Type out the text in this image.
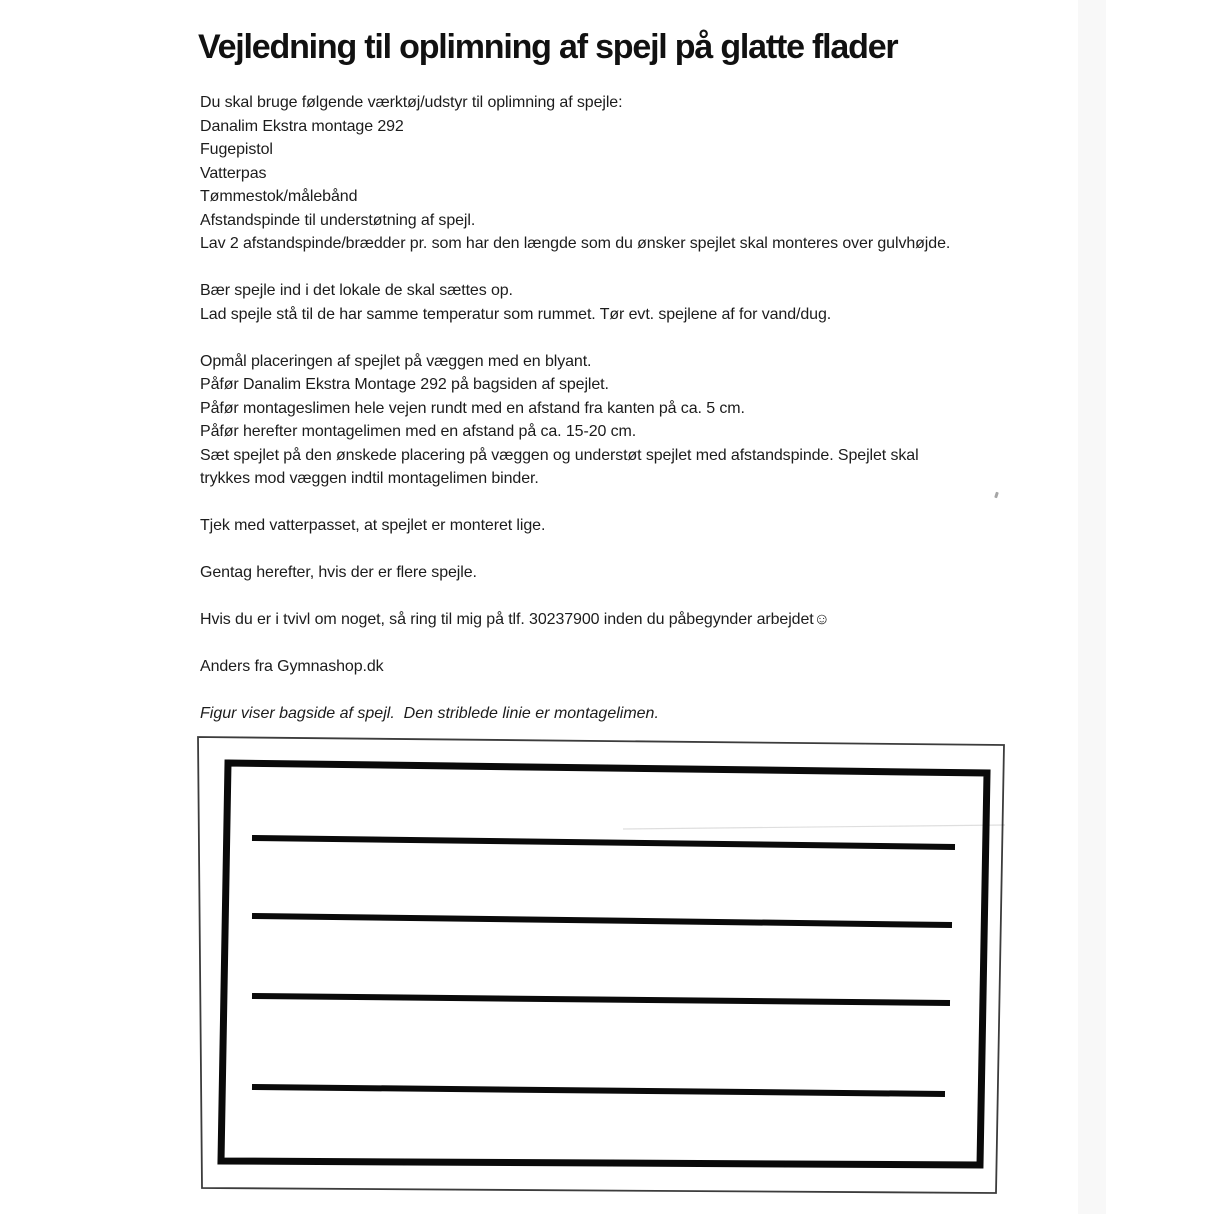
Vejledning til oplimning af spejl på glatte flader

Du skal bruge følgende værktøj/udstyr til oplimning af spejle:

Danalim Ekstra montage 292

Fugepistol

Vatterpas

Tømmestok/målebånd

Afstandspinde til understøtning af spejl.

Lav 2 afstandspinde/brædder pr. som har den længde som du ønsker spejlet skal monteres over gulvhøjde.

Bær spejle ind i det lokale de skal sættes op.

Lad spejle stå til de har samme temperatur som rummet. Tør evt. spejlene af for vand/dug.

Opmål placeringen af spejlet på væggen med en blyant.

Påfør Danalim Ekstra Montage 292 på bagsiden af spejlet.

Påfør montageslimen hele vejen rundt med en afstand fra kanten på ca. 5 cm.

Påfør herefter montagelimen med en afstand på ca. 15-20 cm.

Sæt spejlet på den ønskede placering på væggen og understøt spejlet med afstandspinde. Spejlet skal

trykkes mod væggen indtil montagelimen binder.

Tjek med vatterpasset, at spejlet er monteret lige.

Gentag herefter, hvis der er flere spejle.

Hvis du er i tvivl om noget, så ring til mig på tlf. 30237900 inden du påbegynder arbejdet☺

Anders fra Gymnashop.dk

Figur viser bagside af spejl.  Den striblede linie er montagelimen.
